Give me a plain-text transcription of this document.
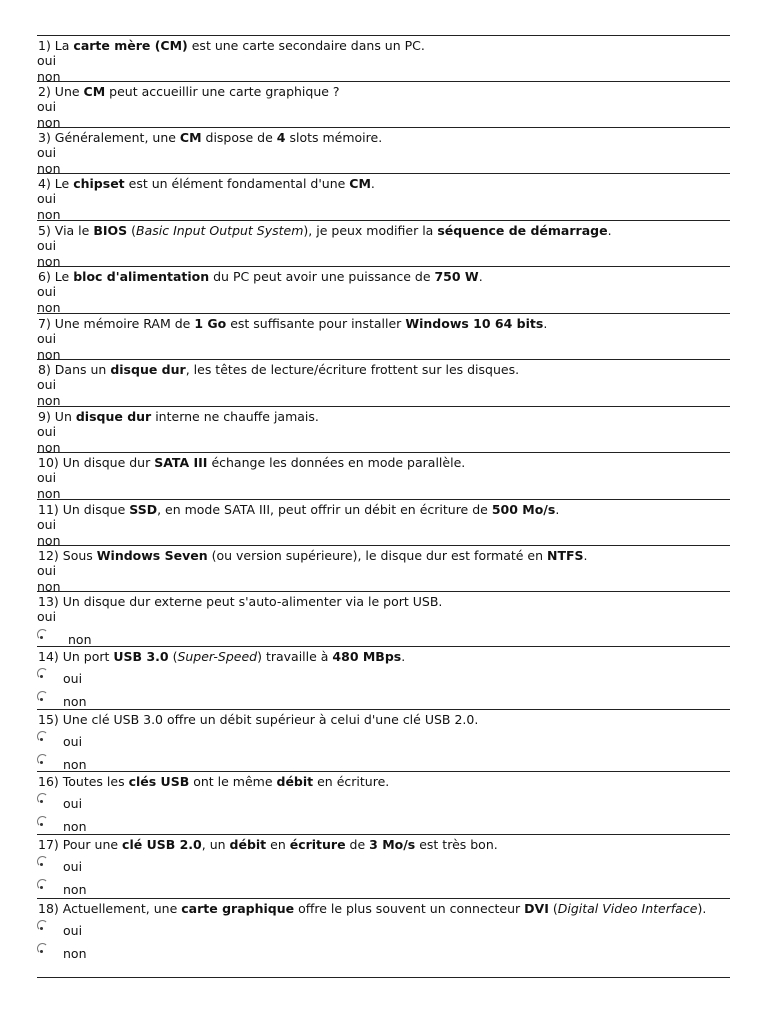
1) La carte mère (CM) est une carte secondaire dans un PC.
oui
non
2) Une CM peut accueillir une carte graphique ?
oui
non
3) Généralement, une CM dispose de 4 slots mémoire.
oui
non
4) Le chipset est un élément fondamental d'une CM.
oui
non
5) Via le BIOS (Basic Input Output System), je peux modifier la séquence de démarrage.
oui
non
6) Le bloc d'alimentation du PC peut avoir une puissance de 750 W.
oui
non
7) Une mémoire RAM de 1 Go est suffisante pour installer Windows 10 64 bits.
oui
non
8) Dans un disque dur, les têtes de lecture/écriture frottent sur les disques.
oui
non
9) Un disque dur interne ne chauffe jamais.
oui
non
10) Un disque dur SATA III échange les données en mode parallèle.
oui
non
11) Un disque SSD, en mode SATA III, peut offrir un débit en écriture de 500 Mo/s.
oui
non
12) Sous Windows Seven (ou version supérieure), le disque dur est formaté en NTFS.
oui
non
13) Un disque dur externe peut s'auto-alimenter via le port USB.
oui
non
14) Un port USB 3.0 (Super-Speed) travaille à 480 MBps.
oui
non
15) Une clé USB 3.0 offre un débit supérieur à celui d'une clé USB 2.0.
oui
non
16) Toutes les clés USB ont le même débit en écriture.
oui
non
17) Pour une clé USB 2.0, un débit en écriture de 3 Mo/s est très bon.
oui
non
18) Actuellement, une carte graphique offre le plus souvent un connecteur DVI (Digital Video Interface).
oui
non
